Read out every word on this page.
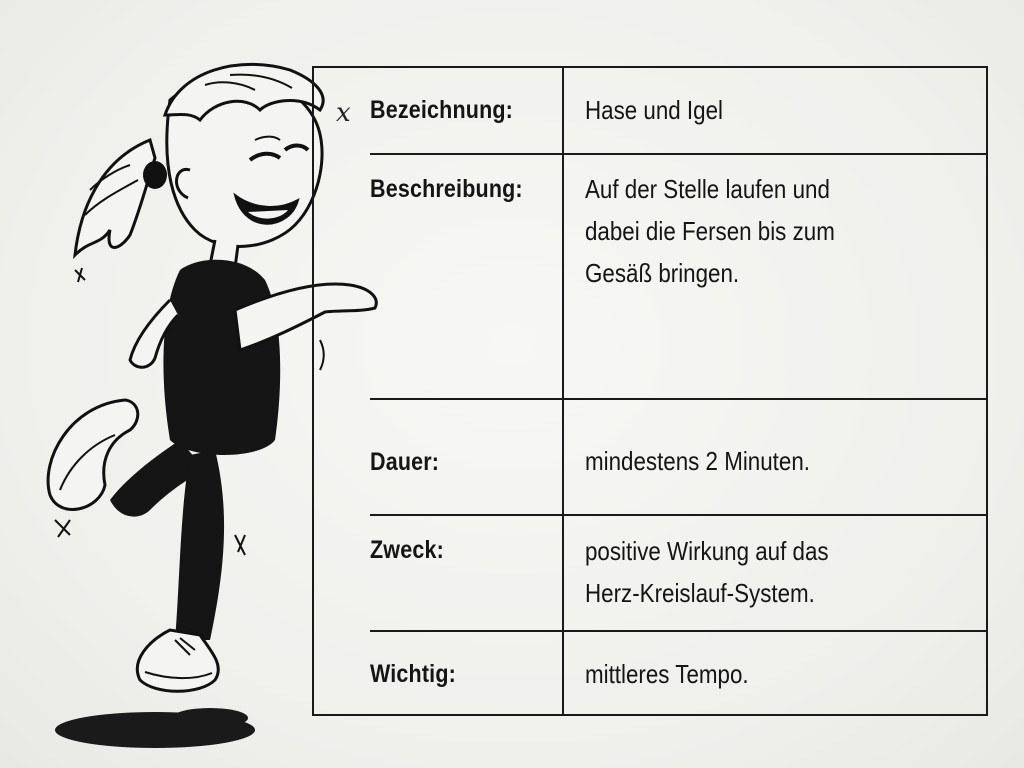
x Bezeichnung:	Hase und Igel
Beschreibung: Auf der Stelle laufen und
dabei die Fersen bis zum
Gesäß bringen.
Dauer:	mindestens 2 Minuten.
Zweck:	positive Wirkung auf das
Herz-Kreislauf-System.
Wichtig:	mittleres Tempo.
